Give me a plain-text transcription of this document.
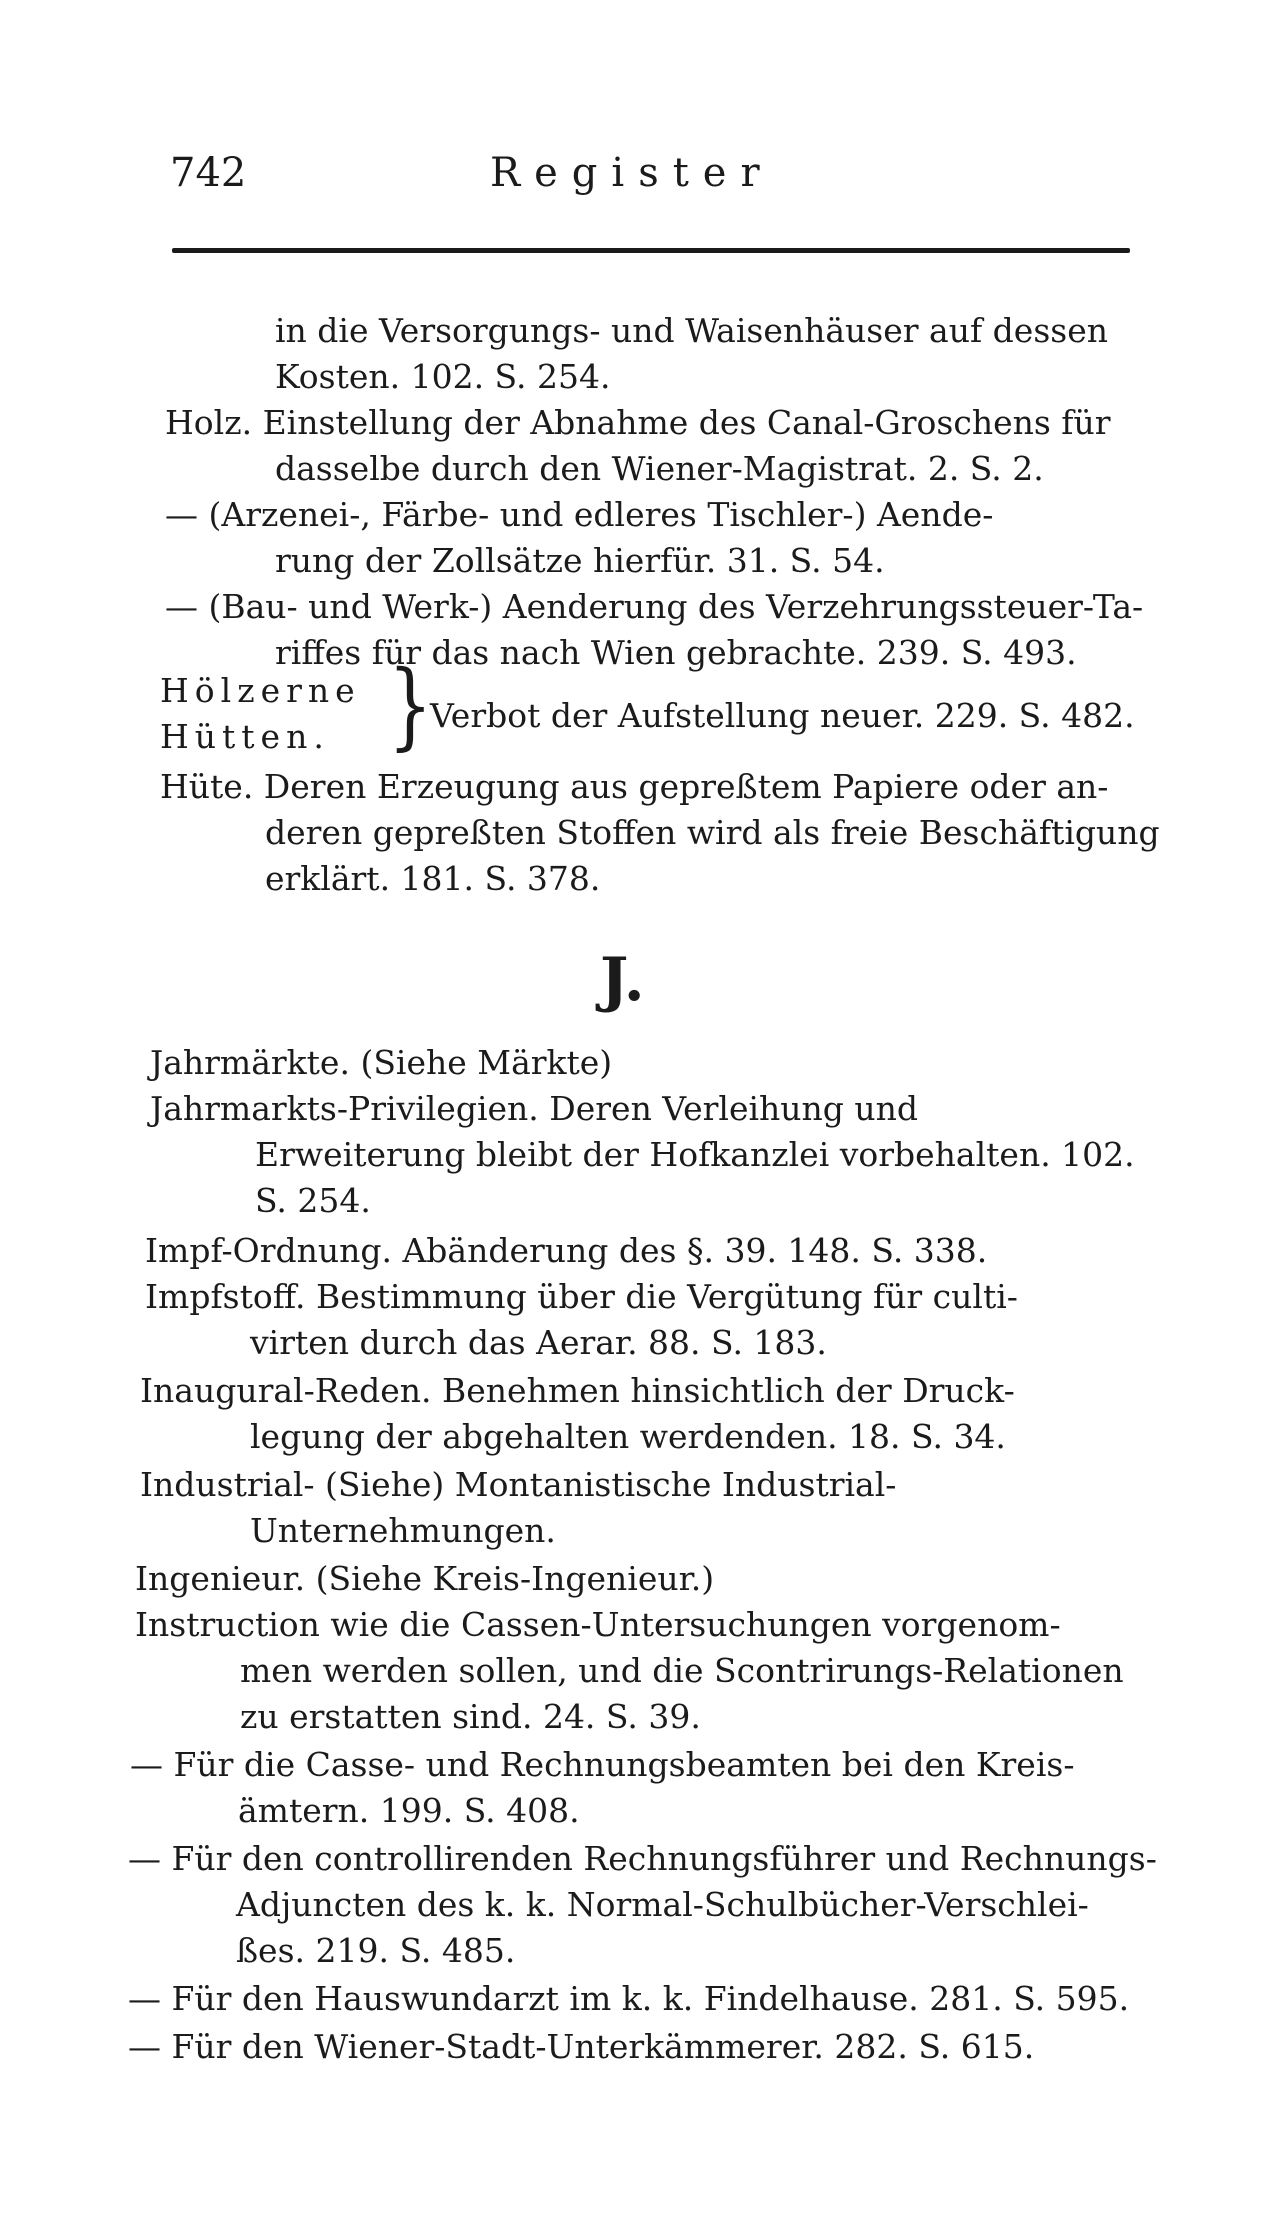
742	Register
in die Versorgungs- und Waisenhäuser auf dessen
Kosten. 102. S. 254.
Holz. Einstellung der Abnahme des Canal-Groschens für
dasselbe durch den Wiener-Magistrat. 2. S. 2.
— (Arzenei-, Färbe- und edleres Tischler-) Aende-
rung der Zollsätze hierfür. 31. S. 54.
— (Bau- und Werk-) Aenderung des Verzehrungssteuer-Ta-
riffes für das nach Wien gebrachte. 239. S. 493.
Hölzerne
Hütten. }
Verbot der Aufstellung neuer. 229. S. 482.
Hüte. Deren Erzeugung aus gepreßtem Papiere oder an-
deren gepreßten Stoffen wird als freie Beschäftigung
erklärt. 181. S. 378.
J.
Jahrmärkte. (Siehe Märkte)
Jahrmarkts-Privilegien. Deren Verleihung und
Erweiterung bleibt der Hofkanzlei vorbehalten. 102.
S. 254.
Impf-Ordnung. Abänderung des §. 39. 148. S. 338.
Impfstoff. Bestimmung über die Vergütung für culti-
virten durch das Aerar. 88. S. 183.
Inaugural-Reden. Benehmen hinsichtlich der Druck-
legung der abgehalten werdenden. 18. S. 34.
Industrial- (Siehe) Montanistische Industrial-
Unternehmungen.
Ingenieur. (Siehe Kreis-Ingenieur.)
Instruction wie die Cassen-Untersuchungen vorgenom-
men werden sollen, und die Scontrirungs-Relationen
zu erstatten sind. 24. S. 39.
— Für die Casse- und Rechnungsbeamten bei den Kreis-
ämtern. 199. S. 408.
— Für den controllirenden Rechnungsführer und Rechnungs-
Adjuncten des k. k. Normal-Schulbücher-Verschlei-
ßes. 219. S. 485.
— Für den Hauswundarzt im k. k. Findelhause. 281. S. 595.
— Für den Wiener-Stadt-Unterkämmerer. 282. S. 615.
